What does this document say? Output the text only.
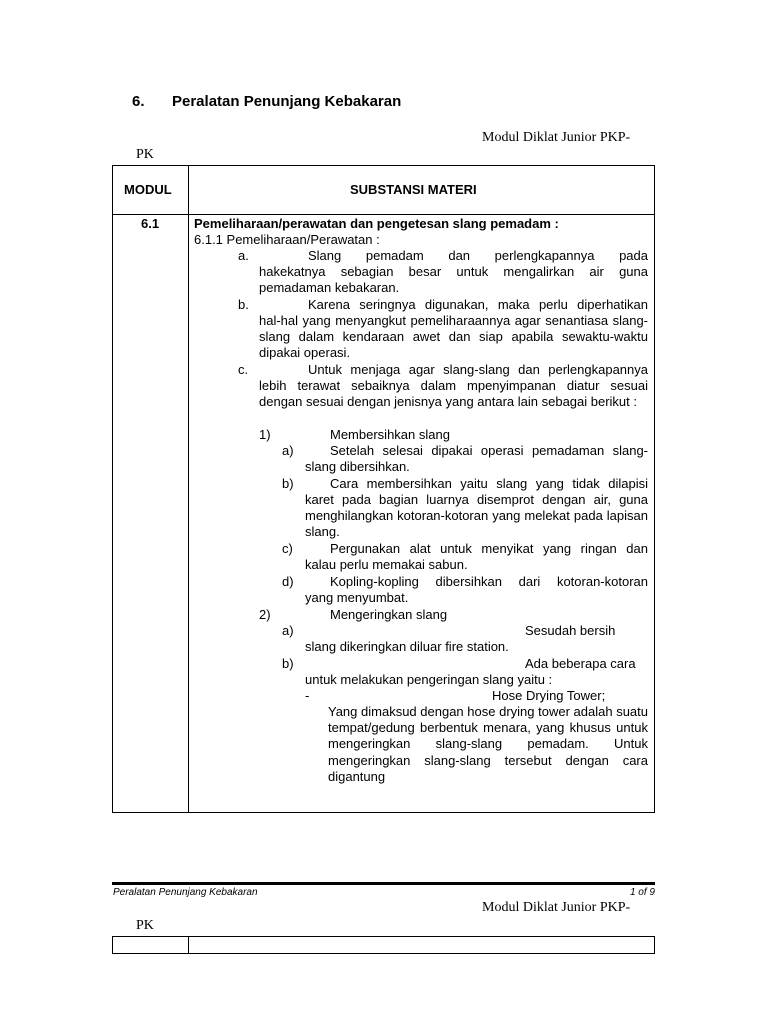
6. Peralatan Penunjang Kebakaran
Modul Diklat Junior PKP-
PK
MODUL	SUBSTANSI MATERI
6.1	Pemeliharaan/perawatan dan pengetesan slang pemadam :
6.1.1 Pemeliharaan/Perawatan :
a.	Slang pemadam dan perlengkapannya pada
hakekatnya sebagian besar untuk mengalirkan air guna pemadaman kebakaran.
b.	Karena seringnya digunakan, maka perlu diperhatikan
hal-hal yang menyangkut pemeliharaannya agar senantiasa slang-slang dalam kendaraan awet dan siap apabila sewaktu-waktu dipakai operasi.
c.	Untuk menjaga agar slang-slang dan perlengkapannya
lebih terawat sebaiknya dalam mpenyimpanan diatur sesuai dengan sesuai dengan jenisnya yang antara lain sebagai berikut :
1)	Membersihkan slang
a)	Setelah selesai dipakai operasi pemadaman slang-
slang dibersihkan.
b)	Cara membersihkan yaitu slang yang tidak dilapisi
karet pada bagian luarnya disemprot dengan air, guna menghilangkan kotoran-kotoran yang melekat pada lapisan slang.
c)	Pergunakan alat untuk menyikat yang ringan dan
kalau perlu memakai sabun.
d)	Kopling-kopling dibersihkan dari kotoran-kotoran
yang menyumbat.
2)	Mengeringkan slang
a)	Sesudah bersih
slang dikeringkan diluar fire station.
b)	Ada beberapa cara
untuk melakukan pengeringan slang yaitu :
-	Hose Drying Tower;
Yang dimaksud dengan hose drying tower adalah suatu tempat/gedung berbentuk menara, yang khusus untuk mengeringkan slang-slang pemadam. Untuk mengeringkan slang-slang tersebut dengan cara digantung
Peralatan Penunjang Kebakaran	1 of 9
Modul Diklat Junior PKP-
PK
